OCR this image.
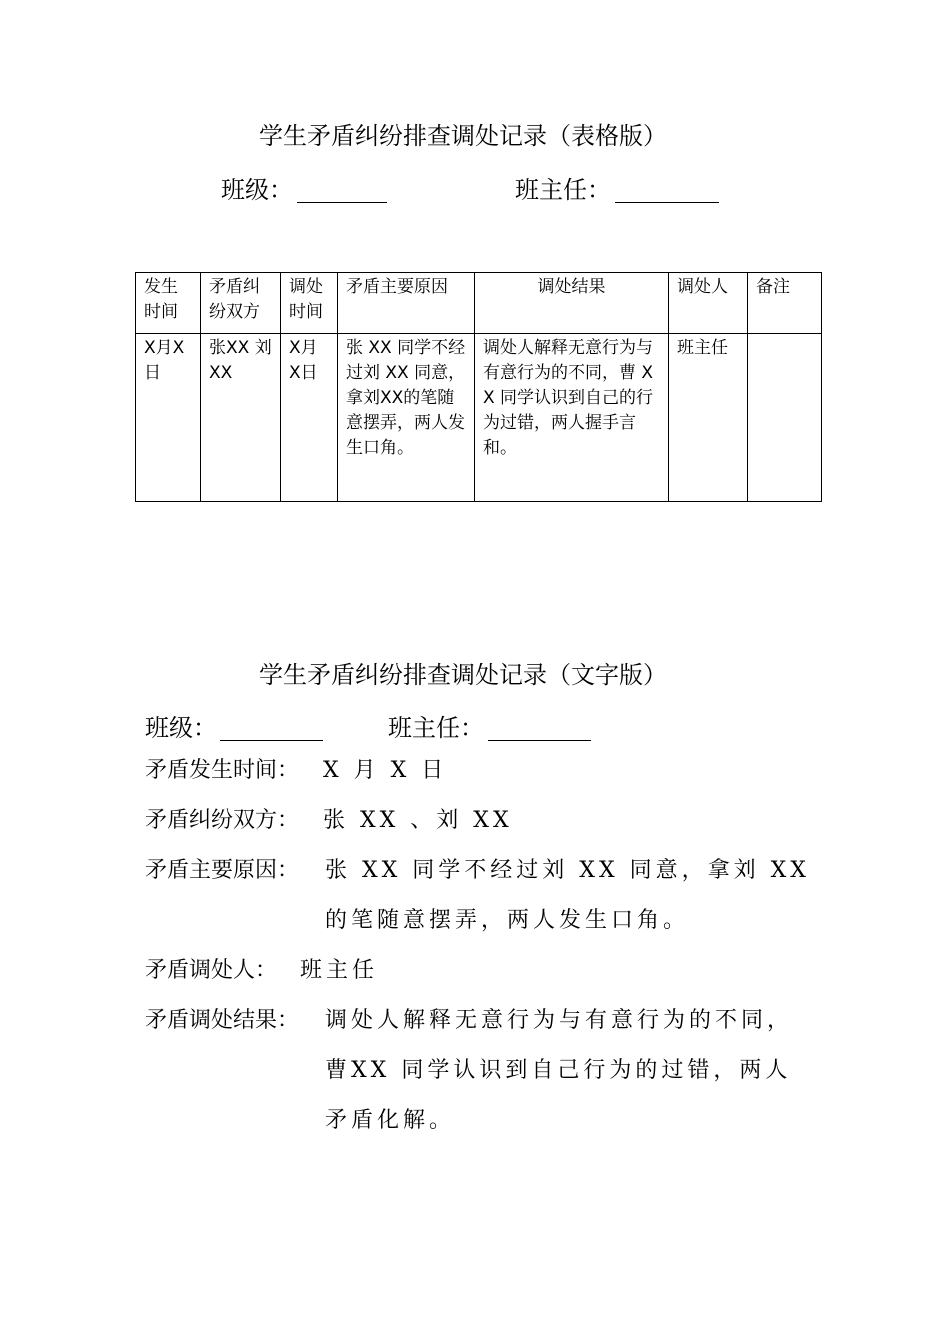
学生矛盾纠纷排查调处记录（表格版）
班级：	班主任：
发生时间	矛盾纠纷双方	调处时间	矛盾主要原因	调处结果	调处人	备注
X月X日	张XX 刘XX	X月X日	张 XX 同学不经过刘 XX 同意，拿刘XX的笔随意摆弄，两人发生口角。	调处人解释无意行为与有意行为的不同，曹 XX 同学认识到自己的行为过错，两人握手言和。	班主任	
学生矛盾纠纷排查调处记录（文字版）
班级：	班主任：
矛盾发生时间： X 月 X 日
矛盾纠纷双方： 张 XX 、刘 XX
矛盾主要原因： 张 XX 同学不经过刘 XX 同意，拿刘 XX 的笔随意摆弄，两人发生口角。
矛盾调处人： 班主任
矛盾调处结果： 调处人解释无意行为与有意行为的不同，曹XX 同学认识到自己行为的过错，两人矛盾化解。
